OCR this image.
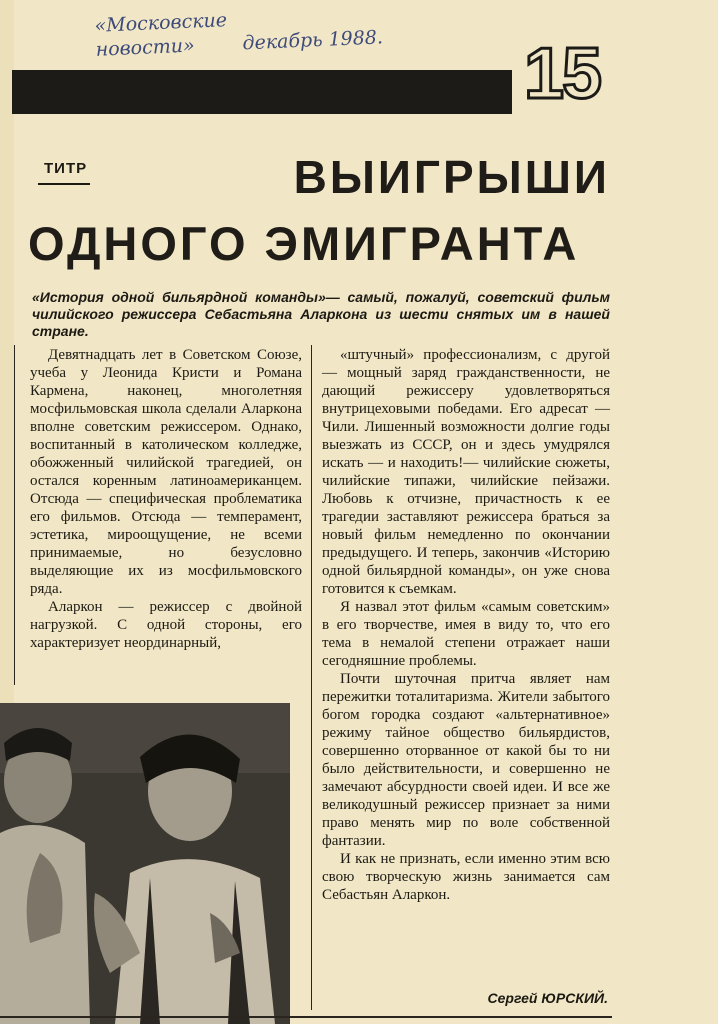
«Московские
новости» декабрь 1988. 15
ТИТР	ВЫИГРЫШИ
ОДНОГО ЭМИГРАНТА
«История одной бильярдной команды»— самый, пожалуй, советский фильм чилийского режиссера Себастьяна Аларкона из шести снятых им в нашей стране.

Девятнадцать лет в Советском Союзе, учеба у Леонида Кристи и Романа Кармена, наконец, многолетняя мосфильмовская школа сделали Аларкона вполне советским режиссером. Однако, воспитанный в католическом колледже, обожженный чилийской трагедией, он остался коренным латиноамериканцем. Отсюда — специфическая проблематика его фильмов. Отсюда — темперамент, эстетика, мироощущение, не всеми принимаемые, но безусловно выделяющие их из мосфильмовского ряда.

Аларкон — режиссер с двойной нагрузкой. С одной стороны, его характеризует неординарный,

«штучный» профессионализм, с другой — мощный заряд гражданственности, не дающий режиссеру удовлетворяться внутрицеховыми победами. Его адресат — Чили. Лишенный возможности долгие годы выезжать из СССР, он и здесь умудрялся искать — и находить!— чилийские сюжеты, чилийские типажи, чилийские пейзажи. Любовь к отчизне, причастность к ее трагедии заставляют режиссера браться за новый фильм немедленно по окончании предыдущего. И теперь, закончив «Историю одной бильярдной команды», он уже снова готовится к съемкам.

Я назвал этот фильм «самым советским» в его творчестве, имея в виду то, что его тема в немалой степени отражает наши сегодняшние проблемы.

Почти шуточная притча являет нам пережитки тоталитаризма. Жители забытого богом городка создают «альтернативное» режиму тайное общество бильярдистов, совершенно оторванное от какой бы то ни было действительности, и совершенно не замечают абсурдности своей идеи. И все же великодушный режиссер признает за ними право менять мир по воле собственной фантазии.

И как не признать, если именно этим всю свою творческую жизнь занимается сам Себастьян Аларкон.

Сергей ЮРСКИЙ.
